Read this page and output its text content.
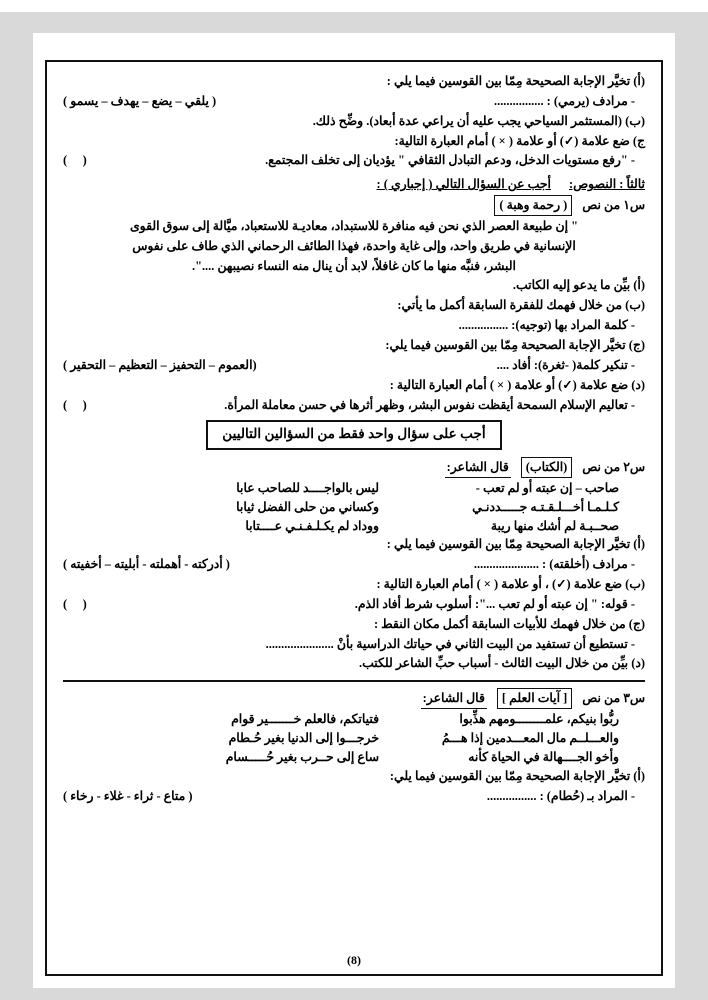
(أ) تخيَّر الإجابة الصحيحة مِمّا بين القوسين فيما يلي :

- مرادف (يرمي) : ................
( يلقي – يضع – يهدف – يسمو )

(ب) (المستثمر السياحي يجب عليه أن يراعي عدة أبعاد). وضِّح ذلك.

ج) ضع علامة (✓) أو علامة ( × ) أمام العبارة التالية:

- "رفع مستويات الدخل، ودعم التبادل الثقافي " يؤديان إلى تخلف المجتمع.
(     )
ثالثاً : النصوص:
أجب عن السؤال التالي ( إجباري ) :
س١ من نص
( رحمة وهبة )

" إن طبيعة العصر الذي نحن فيه منافرة للاستبداد، معاديـة للاستعباد، ميَّالة إلى سوق القوى

الإنسانية في طريق واحد، وإلى غاية واحدة، فهذا الطائف الرحماني الذي طاف على نفوس

البشر، فنبَّه منها ما كان غافلاً، لابد أن ينال منه النساء نصيبهن ....".

(أ) بيِّن ما يدعو إليه الكاتب.

(ب) من خلال فهمك للفقرة السابقة أكمل ما يأتي:

- كلمة المراد بها (توجيه): ................

(ج) تخيَّر الإجابة الصحيحة مِمّا بين القوسين فيما يلي:

- تنكير كلمة( -ثغرة): أفاد ....
(العموم – التحفيز – التعظيم – التحقير )

(د) ضع علامة (✓) أو علامة ( × ) أمام العبارة التالية :

- تعاليم الإسلام السمحة أيقظت نفوس البشر، وظهر أثرها في حسن معاملة المرأة.
(     )
أجب على سؤال واحد فقط من السؤالين التاليين
س٢ من نص
(الكتاب)
قال الشاعر:
صاحب – إن عبته أو لم تعب -
ليس بالواجــــد للصاحب عابا
كـلـمـا أخـــلـقـتـه جـــــددنـي
وكساني من حلى الفضل ثيابا
صحــبـة لم أشك منها ريبة
ووداد لم يكـلـفـنـي عــــتابا

(أ) تخيَّر الإجابة الصحيحة مِمّا بين القوسين فيما يلي :

- مرادف (أخلقته) : .....................
( أدركته - أهملته - أبليته – أخفيته )

(ب) ضع علامة (✓) ، أو علامة ( × ) أمام العبارة التالية :

- قوله: " إن عبته أو لم تعب ...": أسلوب شرط أفاد الذم.
(     )

(ج) من خلال فهمك للأبيات السابقة أكمل مكان النقط :

- تستطيع أن تستفيد من البيت الثاني في حياتك الدراسية بأنْ ......................

(د) بيِّن من خلال البيت الثالث - أسباب حبِّ الشاعر للكتب.

س٣ من نص
[ آيات العلم ]
قال الشاعر:
ربُّوا بنيكم، علمــــــــومهم هذِّبوا
فتياتكم، فالعلم خـــــــير قوام
والعـــلــم مال المعـــدمين إذا هـــمُ
خرجـــوا إلى الدنيا بغير حُـطام
وأخو الجــــهالة في الحياة كأنه
ساع إلى حــرب بغير حُـــــسام

(أ) تخيَّر الإجابة الصحيحة مِمّا بين القوسين فيما يلي:

- المراد بـ (حُطام) : ................
( متاع - ثراء - غلاء - رخاء )
(8)
